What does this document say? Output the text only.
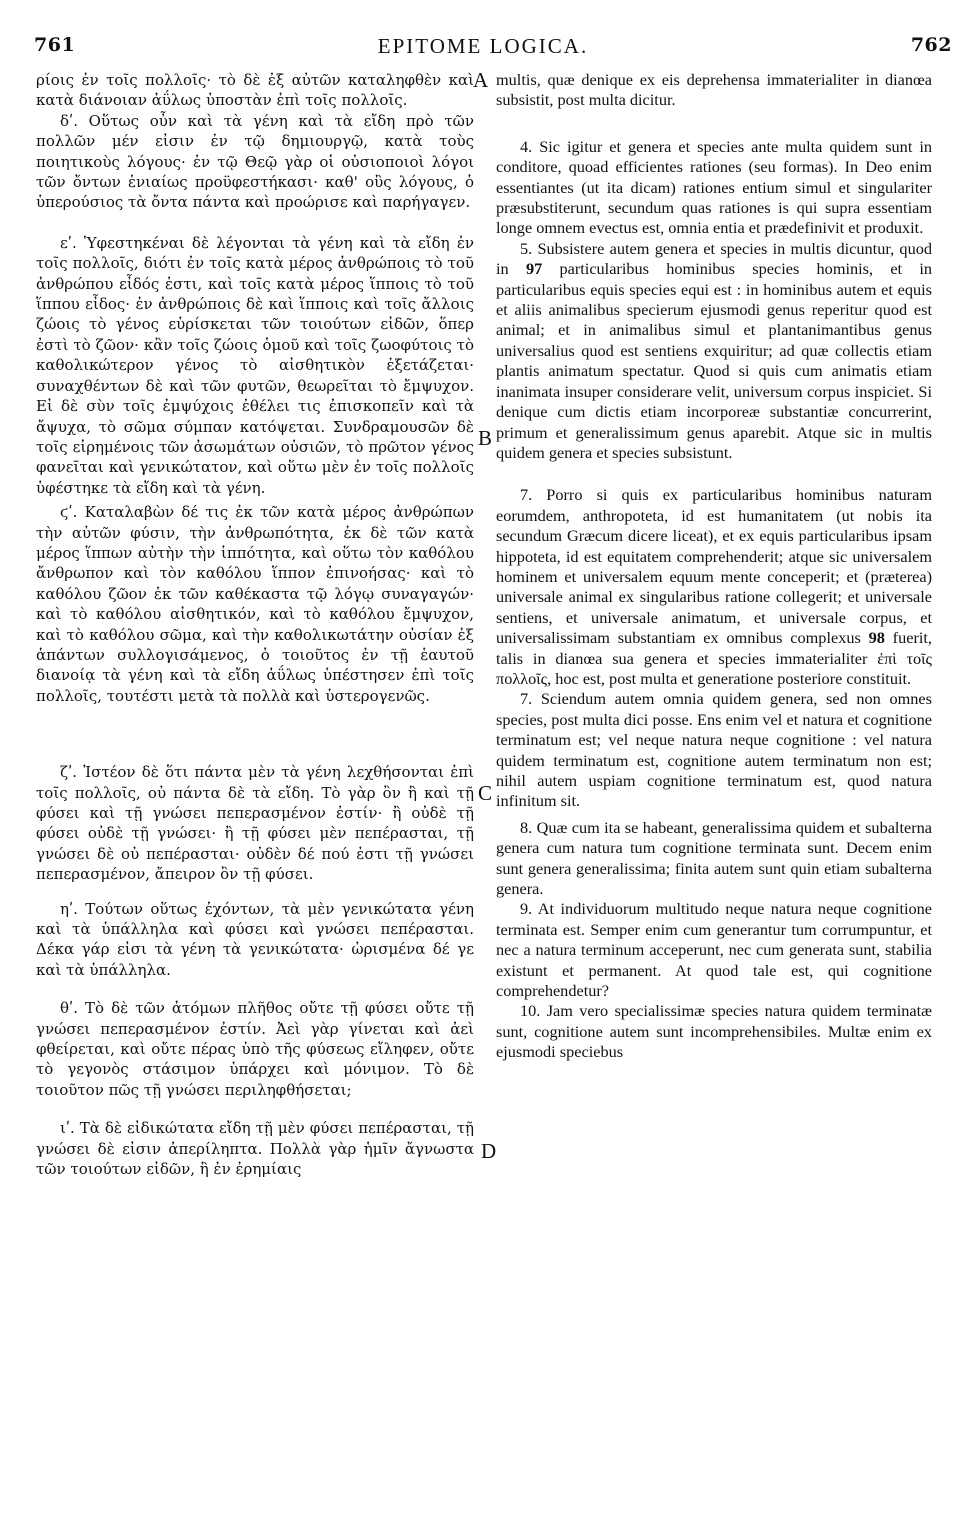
761	EPITOME LOGICA.	762
A
B
C
D

ρίοις ἐν τοῖς πολλοῖς· τὸ δὲ ἐξ αὐτῶν καταληφθὲν καὶ κατὰ διάνοιαν ἀΰλως ὑποστὰν ἐπὶ τοῖς πολλοῖς.

δʹ. Οὕτως οὖν καὶ τὰ γένη καὶ τὰ εἴδη πρὸ τῶν πολλῶν μέν εἰσιν ἐν τῷ δημιουργῷ, κατὰ τοὺς ποιητικοὺς λόγους· ἐν τῷ Θεῷ γὰρ οἱ οὐσιοποιοὶ λόγοι τῶν ὄντων ἑνιαίως προϋφεστήκασι· καθ' οὓς λόγους, ὁ ὑπερούσιος τὰ ὄντα πάντα καὶ προώρισε καὶ παρήγαγεν.

εʹ. Ὑφεστηκέναι δὲ λέγονται τὰ γένη καὶ τὰ εἴδη ἐν τοῖς πολλοῖς, διότι ἐν τοῖς κατὰ μέρος ἀνθρώποις τὸ τοῦ ἀνθρώπου εἶδός ἐστι, καὶ τοῖς κατὰ μέρος ἵπποις τὸ τοῦ ἵππου εἶδος· ἐν ἀνθρώποις δὲ καὶ ἵπποις καὶ τοῖς ἄλλοις ζώοις τὸ γένος εὑρίσκεται τῶν τοιούτων εἰδῶν, ὅπερ ἐστὶ τὸ ζῶον· κἂν τοῖς ζώοις ὁμοῦ καὶ τοῖς ζωοφύτοις τὸ καθολικώτερον γένος τὸ αἰσθητικὸν ἐξετάζεται· συναχθέντων δὲ καὶ τῶν φυτῶν, θεωρεῖται τὸ ἔμψυχον. Εἰ δὲ σὺν τοῖς ἐμψύχοις ἐθέλει τις ἐπισκοπεῖν καὶ τὰ ἄψυχα, τὸ σῶμα σύμπαν κατόψεται. Συνδραμουσῶν δὲ τοῖς εἰρημένοις τῶν ἀσωμάτων οὐσιῶν, τὸ πρῶτον γένος φανεῖται καὶ γενικώτατον, καὶ οὕτω μὲν ἐν τοῖς πολλοῖς ὑφέστηκε τὰ εἴδη καὶ τὰ γένη.

ϛʹ. Καταλαβὼν δέ τις ἐκ τῶν κατὰ μέρος ἀνθρώπων τὴν αὐτῶν φύσιν, τὴν ἀνθρωπότητα, ἐκ δὲ τῶν κατὰ μέρος ἵππων αὐτὴν τὴν ἱππότητα, καὶ οὕτω τὸν καθόλου ἄνθρωπον καὶ τὸν καθόλου ἵππον ἐπινοήσας· καὶ τὸ καθόλου ζῶον ἐκ τῶν καθέκαστα τῷ λόγῳ συναγαγών· καὶ τὸ καθόλου αἰσθητικόν, καὶ τὸ καθόλου ἔμψυχον, καὶ τὸ καθόλου σῶμα, καὶ τὴν καθολικωτάτην οὐσίαν ἐξ ἁπάντων συλλογισάμενος, ὁ τοιοῦτος ἐν τῇ ἑαυτοῦ διανοίᾳ τὰ γένη καὶ τὰ εἴδη ἀΰλως ὑπέστησεν ἐπὶ τοῖς πολλοῖς, τουτέστι μετὰ τὰ πολλὰ καὶ ὑστερογενῶς.

ζʹ. Ἰστέον δὲ ὅτι πάντα μὲν τὰ γένη λεχθήσονται ἐπὶ τοῖς πολλοῖς, οὐ πάντα δὲ τὰ εἴδη. Τὸ γὰρ ὂν ἢ καὶ τῇ φύσει καὶ τῇ γνώσει πεπερασμένον ἐστίν· ἢ οὐδὲ τῇ φύσει οὐδὲ τῇ γνώσει· ἢ τῇ φύσει μὲν πεπέρασται, τῇ γνώσει δὲ οὐ πεπέρασται· οὐδὲν δέ πού ἐστι τῇ γνώσει πεπερασμένον, ἄπειρον ὂν τῇ φύσει.

ηʹ. Τούτων οὕτως ἐχόντων, τὰ μὲν γενικώτατα γένη καὶ τὰ ὑπάλληλα καὶ φύσει καὶ γνώσει πεπέρασται. Δέκα γάρ εἰσι τὰ γένη τὰ γενικώτατα· ὡρισμένα δέ γε καὶ τὰ ὑπάλληλα.

θʹ. Τὸ δὲ τῶν ἀτόμων πλῆθος οὔτε τῇ φύσει οὔτε τῇ γνώσει πεπερασμένον ἐστίν. Ἀεὶ γὰρ γίνεται καὶ ἀεὶ φθείρεται, καὶ οὔτε πέρας ὑπὸ τῆς φύσεως εἴληφεν, οὔτε τὸ γεγονὸς στάσιμον ὑπάρχει καὶ μόνιμον. Τὸ δὲ τοιοῦτον πῶς τῇ γνώσει περιληφθήσεται;

ιʹ. Τὰ δὲ εἰδικώτατα εἴδη τῇ μὲν φύσει πεπέρασται, τῇ γνώσει δὲ εἰσιν ἀπερίληπτα. Πολλὰ γὰρ ἡμῖν ἄγνωστα τῶν τοιούτων εἰδῶν, ἢ ἐν ἐρημίαις

multis, quæ denique ex eis deprehensa immaterialiter in dianœa subsistit, post multa dicitur.

4. Sic igitur et genera et species ante multa quidem sunt in conditore, quoad efficientes rationes (seu formas). In Deo enim essentiantes (ut ita dicam) rationes entium simul et singulariter præsubstiterunt, secundum quas rationes is qui supra essentiam longe omnem evectus est, omnia entia et prædefinivit et produxit.

5. Subsistere autem genera et species in multis dicuntur, quod in 97 particularibus hominibus species hominis, et in particularibus equis species equi est : in hominibus autem et equis et aliis animalibus specierum ejusmodi genus reperitur quod est animal; et in animalibus simul et plantanimantibus genus universalius quod est sentiens exquiritur; ad quæ collectis etiam plantis animatum spectatur. Quod si quis cum animatis etiam inanimata insuper considerare velit, universum corpus inspiciet. Si denique cum dictis etiam incorporeæ substantiæ concurrerint, primum et generalissimum genus aparebit. Atque sic in multis quidem genera et species subsistunt.

7. Porro si quis ex particularibus hominibus naturam eorumdem, anthropoteta, id est humanitatem (ut nobis ita secundum Græcum dicere liceat), et ex equis particularibus ipsam hippoteta, id est equitatem comprehenderit; atque sic universalem hominem et universalem equum mente conceperit; et (præterea) universale animal ex singularibus ratione collegerit; et universale sentiens, et universale animatum, et universale corpus, et universalissimam substantiam ex omnibus complexus 98 fuerit, talis in dianœa sua genera et species immaterialiter ἐπὶ τοῖς πολλοῖς, hoc est, post multa et generatione posteriore constituit.

7. Sciendum autem omnia quidem genera, sed non omnes species, post multa dici posse. Ens enim vel et natura et cognitione terminatum est; vel neque natura neque cognitione : vel natura quidem terminatum est, cognitione autem terminatum non est; nihil autem uspiam cognitione terminatum est, quod natura infinitum sit.

8. Quæ cum ita se habeant, generalissima quidem et subalterna genera cum natura tum cognitione terminata sunt. Decem enim sunt genera generalissima; finita autem sunt quin etiam subalterna genera.

9. At individuorum multitudo neque natura neque cognitione terminata est. Semper enim cum generantur tum corrumpuntur, et nec a natura terminum acceperunt, nec cum generata sunt, stabilia existunt et permanent. At quod tale est, qui cognitione comprehendetur?

10. Jam vero specialissimæ species natura quidem terminatæ sunt, cognitione autem sunt incomprehensibiles. Multæ enim ex ejusmodi speciebus
